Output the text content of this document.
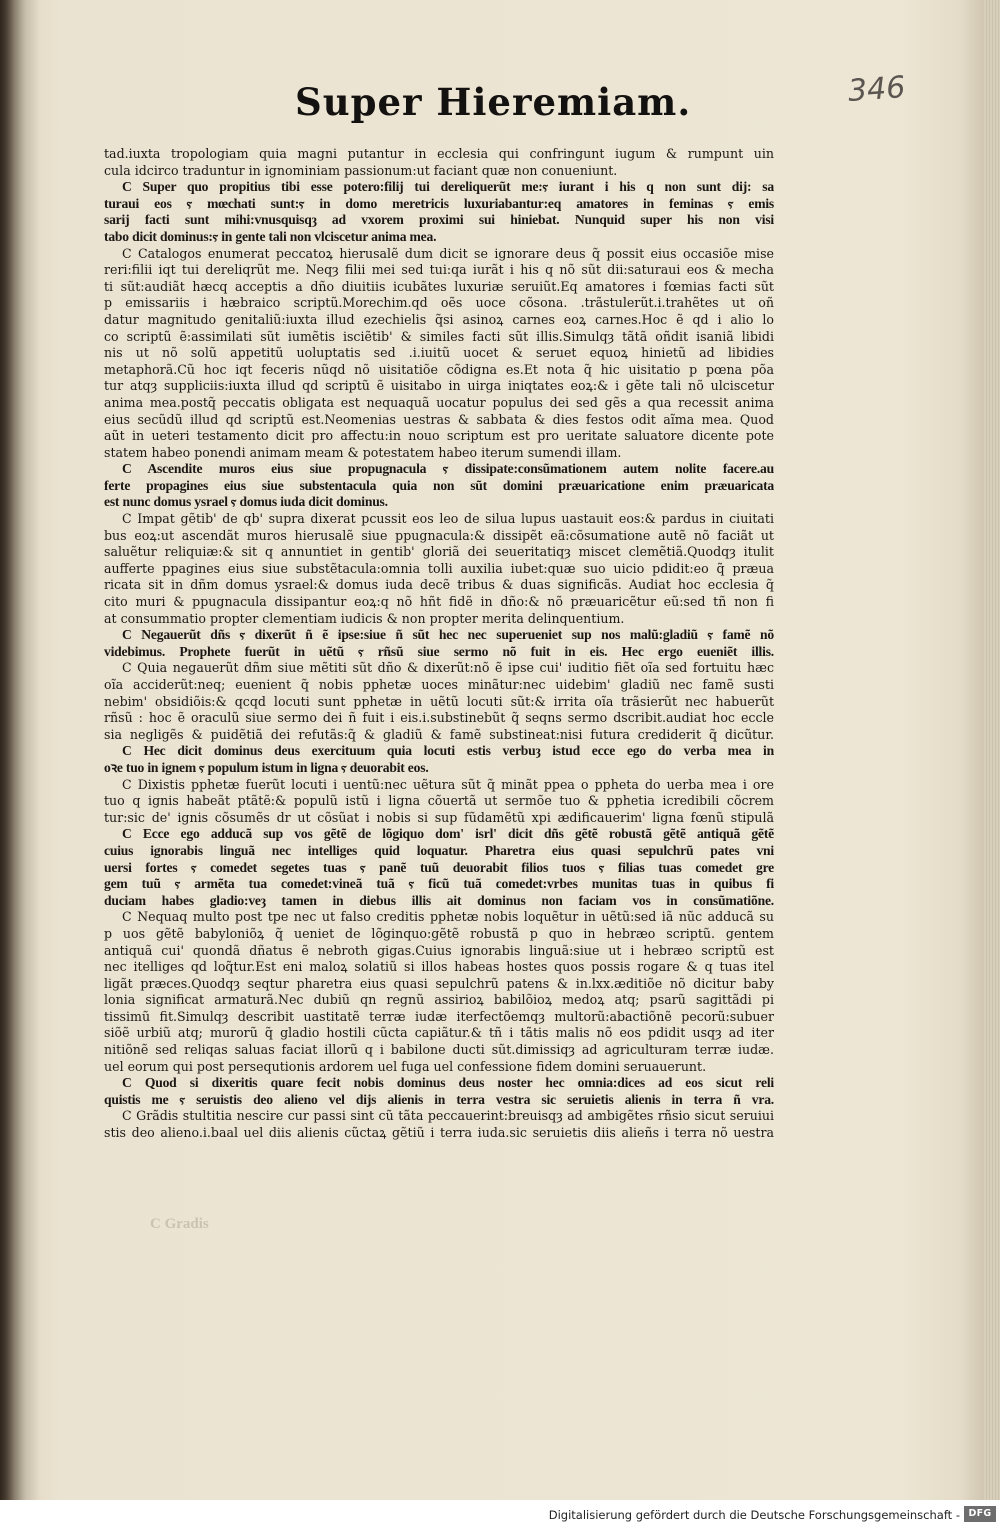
Super Hieremiam.	346
tad.iuxta tropologiam quia magni putantur in ecclesia qui confringunt iugum & rumpunt uin
cula idcirco traduntur in ignominiam passionum:ut faciant quæ non conueniunt.
C Super quo propitius tibi esse potero:filij tui dereliquerũt me:ⲋ iurant i his q non sunt dij: sa
turaui eos ⲋ mœchati sunt:ⲋ in domo meretricis luxuriabantur:eq amatores in feminas ⲋ emis
sarij facti sunt mihi:vnusquisqȝ ad vxorem proximi sui hiniebat. Nunquid super his non visi
tabo dicit dominus:ⲋ in gente tali non vlciscetur anima mea.
C Catalogos enumerat peccatoꝝ hierusalẽ dum dicit se ignorare deus q̃ possit eius occasiõe mise
reri:filii iqt tui dereliqrũt me. Neqȝ filii mei sed tui:qa iurãt i his q nõ sũt dii:saturaui eos & mecha
ti sũt:audiãt hæcq acceptis a dño diuitiis icubãtes luxuriæ seruiũt.Eq amatores i fœmias facti sũt
p emissariis i hæbraico scriptũ.Morechim.qd oẽs uoce cõsona. .trãstulerũt.i.trahẽtes ut oñ
datur magnitudo genitaliũ:iuxta illud ezechielis q̃si asinoꝝ carnes eoꝝ carnes.Hoc ẽ qd i alio lo
co scriptũ ẽ:assimilati sũt iumẽtis isciẽtib' & similes facti sũt illis.Simulqȝ tãtã oñdit isaniã libidi
nis ut nõ solũ appetitũ uoluptatis sed .i.iuitũ uocet & seruet equoꝝ hinietũ ad libidies
metaphorã.Cũ hoc iqt feceris nũqd nõ uisitatiõe cõdigna es.Et nota q̃ hic uisitatio p pœna põa
tur atqȝ suppliciis:iuxta illud qd scriptũ ẽ uisitabo in uirga iniqtates eoꝝ:& i gẽte tali nõ ulciscetur
anima mea.postq̃ peccatis obligata est nequaquã uocatur populus dei sed gẽs a qua recessit anima
eius secũdũ illud qd scriptũ est.Neomenias uestras & sabbata & dies festos odit aĩma mea. Quod
aũt in ueteri testamento dicit pro affectu:in nouo scriptum est pro ueritate saluatore dicente pote
statem habeo ponendi animam meam & potestatem habeo iterum sumendi illam.
C Ascendite muros eius siue propugnacula ⲋ dissipate:consũmationem autem nolite facere.au
ferte propagines eius siue substentacula quia non sũt domini præuaricatione enim præuaricata
est nunc domus ysrael ⲋ domus iuda dicit dominus.
C Impat gẽtib' de qb' supra dixerat pcussit eos leo de silua lupus uastauit eos:& pardus in ciuitati
bus eoꝝ:ut ascendãt muros hierusalẽ siue ppugnacula:& dissipẽt eã:cõsumatione autẽ nõ faciãt ut
saluẽtur reliquiæ:& sit q annuntiet in gentib' gloriã dei seueritatiqȝ miscet clemẽtiã.Quodqȝ itulit
aufferte ppagines eius siue substẽtacula:omnia tolli auxilia iubet:quæ suo uicio pdidit:eo q̃ præua
ricata sit in dñm domus ysrael:& domus iuda decẽ tribus & duas significãs. Audiat hoc ecclesia q̃
cito muri & ppugnacula dissipantur eoꝝ:q nõ hñt fidẽ in dño:& nõ præuaricẽtur eũ:sed tñ non fi
at consummatio propter clementiam iudicis & non propter merita delinquentium.
C Negauerũt dñs ⲋ dixerũt ñ ẽ ipse:siue ñ sũt hec nec superueniet sup nos malũ:gladiũ ⲋ famẽ nõ
videbimus. Prophete fuerũt in uẽtũ ⲋ rñsũ siue sermo nõ fuit in eis. Hec ergo eueniẽt illis.
C Quia negauerũt dñm siue mẽtiti sũt dño & dixerũt:nõ ẽ ipse cui' iuditio fiẽt oĩa sed fortuitu hæc
oĩa acciderũt:neq; euenient q̃ nobis pphetæ uoces minãtur:nec uidebim' gladiũ nec famẽ susti
nebim' obsidiõis:& qcqd locuti sunt pphetæ in uẽtũ locuti sũt:& irrita oĩa trãsierũt nec habuerũt
rñsũ : hoc ẽ oraculũ siue sermo dei ñ fuit i eis.i.substinebũt q̃ seqns sermo dscribit.audiat hoc eccle
sia negligẽs & puidẽtiã dei refutãs:q̃ & gladiũ & famẽ substineat:nisi futura crediderit q̃ dicũtur.
C Hec dicit dominus deus exercituum quia locuti estis verbuȝ istud ecce ego do verba mea in
oꝛe tuo in ignem ⲋ populum istum in ligna ⲋ deuorabit eos.
C Dixistis pphetæ fuerũt locuti i uentũ:nec uẽtura sũt q̃ minãt ppea o ppheta do uerba mea i ore
tuo q ignis habeãt ptãtẽ:& populũ istũ i ligna cõuertã ut sermõe tuo & pphetia icredibili cõcrem
tur:sic de' ignis cõsumẽs dr ut cõsũat i nobis si sup fũdamẽtũ xpi ædificauerim' ligna fœnũ stipulã
C Ecce ego adducã sup vos gẽtẽ de lõgiquo dom' isrl' dicit dñs gẽtẽ robustã gẽtẽ antiquã gẽtẽ
cuius ignorabis linguã nec intelliges quid loquatur. Pharetra eius quasi sepulchrũ pates vni
uersi fortes ⲋ comedet segetes tuas ⲋ panẽ tuũ deuorabit filios tuos ⲋ filias tuas comedet gre
gem tuũ ⲋ armẽta tua comedet:vineã tuã ⲋ ficũ tuã comedet:vrbes munitas tuas in quibus fi
duciam habes gladio:veȝ tamen in diebus illis ait dominus non faciam vos in consũmatiõne.
C Nequaq multo post tpe nec ut falso creditis pphetæ nobis loquẽtur in uẽtũ:sed iã nũc adducã su
p uos gẽtẽ babyloniõꝝ q̃ ueniet de lõginquo:gẽtẽ robustã p quo in hebræo scriptũ. gentem
antiquã cui' quondã dñatus ẽ nebroth gigas.Cuius ignorabis linguã:siue ut i hebræo scriptũ est
nec itelliges qd loq̃tur.Est eni maloꝝ solatiũ si illos habeas hostes quos possis rogare & q tuas itel
ligãt præces.Quodqȝ seqtur pharetra eius quasi sepulchrũ patens & in.lxx.æditiõe nõ dicitur baby
lonia significat armaturã.Nec dubiũ qn regnũ assirioꝝ babilõioꝝ medoꝝ atq; psarũ sagittãdi pi
tissimũ fit.Simulqȝ describit uastitatẽ terræ iudæ iterfectõemqȝ multorũ:abactiõnẽ pecorũ:subuer
siõẽ urbiũ atq; murorũ q̃ gladio hostili cũcta capiãtur.& tñ i tãtis malis nõ eos pdidit usqȝ ad iter
nitiõnẽ sed reliqas saluas faciat illorũ q i babilone ducti sũt.dimissiqȝ ad agriculturam terræ iudæ.
uel eorum qui post persequtionis ardorem uel fuga uel confessione fidem domini seruauerunt.
C Quod si dixeritis quare fecit nobis dominus deus noster hec omnia:dices ad eos sicut reli
quistis me ⲋ seruistis deo alieno vel dijs alienis in terra vestra sic seruietis alienis in terra ñ vra.
C Grãdis stultitia nescire cur passi sint cũ tãta peccauerint:breuisqȝ ad ambigẽtes rñsio sicut seruiui
stis deo alieno.i.baal uel diis alienis cũctaꝝ gẽtiũ i terra iuda.sic seruietis diis alieñs i terra nõ uestra
C Gradis
Digitalisierung gefördert durch die Deutsche Forschungsgemeinschaft - DFG
